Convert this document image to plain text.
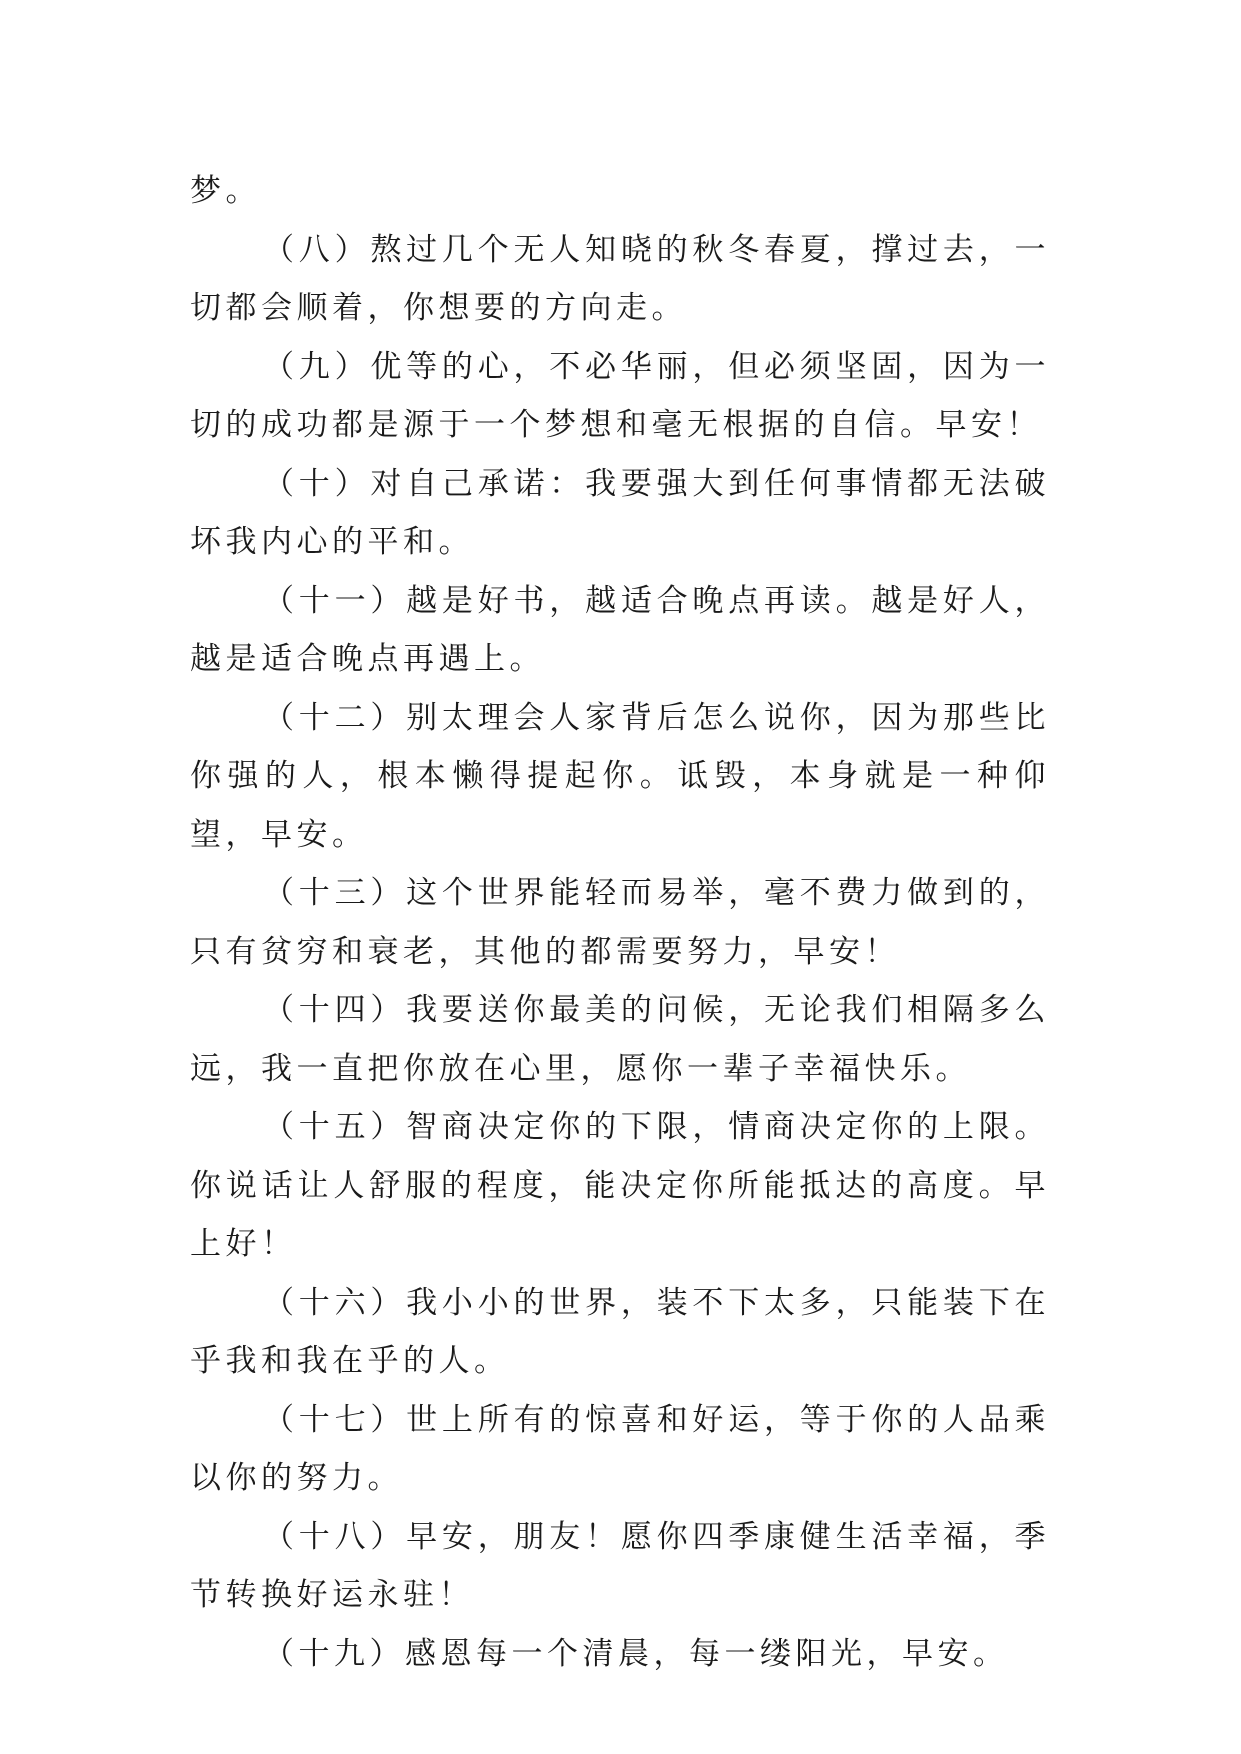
梦。

（八）熬过几个无人知晓的秋冬春夏，撑过去，一切都会顺着，你想要的方向走。

（九）优等的心，不必华丽，但必须坚固，因为一切的成功都是源于一个梦想和毫无根据的自信。早安！

（十）对自己承诺：我要强大到任何事情都无法破坏我内心的平和。

（十一）越是好书，越适合晚点再读。越是好人，越是适合晚点再遇上。

（十二）别太理会人家背后怎么说你，因为那些比你强的人，根本懒得提起你。诋毁，本身就是一种仰望，早安。

（十三）这个世界能轻而易举，毫不费力做到的，只有贫穷和衰老，其他的都需要努力，早安！

（十四）我要送你最美的问候，无论我们相隔多么远，我一直把你放在心里，愿你一辈子幸福快乐。

（十五）智商决定你的下限，情商决定你的上限。你说话让人舒服的程度，能决定你所能抵达的高度。早上好！

（十六）我小小的世界，装不下太多，只能装下在乎我和我在乎的人。

（十七）世上所有的惊喜和好运，等于你的人品乘以你的努力。

（十八）早安，朋友！愿你四季康健生活幸福，季节转换好运永驻！

（十九）感恩每一个清晨，每一缕阳光，早安。
